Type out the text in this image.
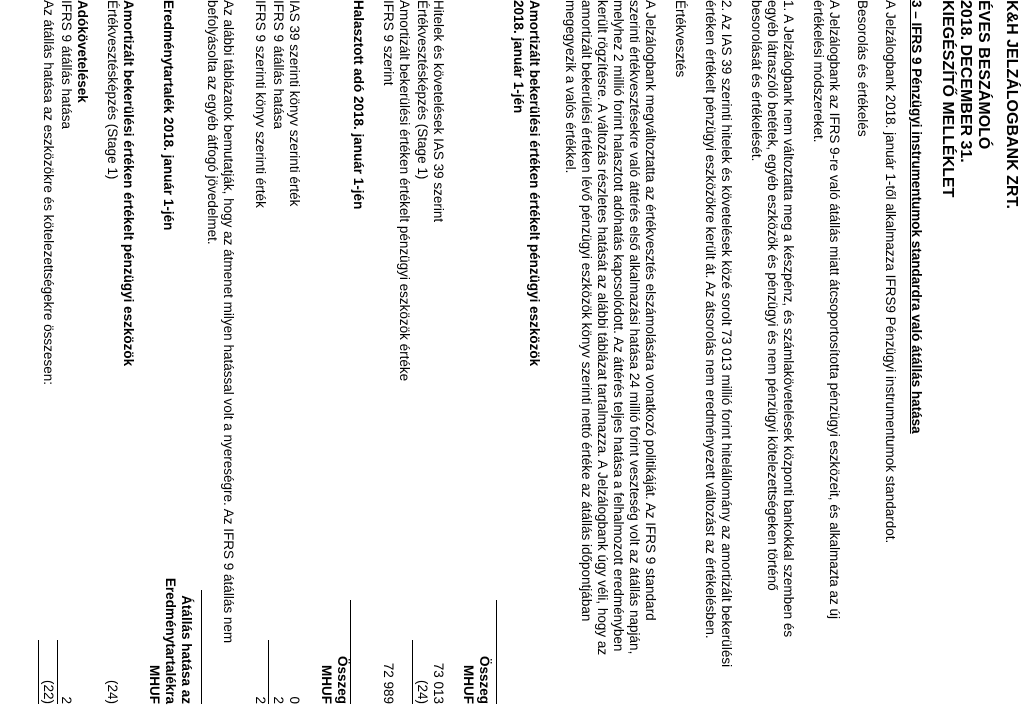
K&H JELZÁLOGBANK ZRT.
ÉVES BESZÁMOLÓ
2018. DECEMBER 31.
KIEGÉSZÍTŐ MELLÉKLET
3 – IFRS 9 Pénzügyi instrumentumok standardra való átállás hatása
A Jelzálogbank 2018. január 1-től alkalmazza IFRS9 Pénzügyi instrumentumok standardot.
Besorolás és értékelés
A Jelzálogbank az IFRS 9-re való átállás miatt átcsoportosította pénzügyi eszközeit, és alkalmazta az új értékelési módszereket.
1. A Jelzálogbank nem változtatta meg a készpénz, és számlakövetelések központi bankokkal szemben és
egyéb látraszóló betétek, egyéb eszközök és pénzügyi és nem pénzügyi kötelezettségeken történő
besorolását és értékelését.
2. Az IAS 39 szerinti hitelek és követelések közé sorolt 73 013 millió forint hitelállomány az amortizált bekerülési
értéken értékelt pénzügyi eszközökre került át. Az átsorolás nem eredményezett változást az értékelésben.
Értékvesztés
A Jelzálogbank megváltoztatta az értékvesztés elszámolására vonatkozó politikáját. Az IFRS 9 standard
szerinti értékvesztésekre való áttérés első alkalmazási hatása 24 millió forint veszteség volt az átállás napján,
melyhez 2 millió forint halasztott adóhatás kapcsolódott. Az áttérés teljes hatása a felhalmozott eredményben
került rögzítésre. A változás részletes hatását az alábbi táblázat tartalmazza. A Jelzálogbank úgy véli, hogy az
amortizált bekerülési értéken lévő pénzügyi eszközök könyv szerinti nettó értéke az átállás időpontjában
megegyezik a valós értékkel.
Amortizált bekerülési értéken értékelt pénzügyi eszközök
2018. január 1-jén
Összeg
MHUF
Hitelek és követelések IAS 39 szerint
73 013
Értékvesztésképzés (Stage 1)
(24)
Amortizált bekerülési értéken értékelt pénzügyi eszközök értéke
IFRS 9 szerint
72 989
Halasztott adó 2018. január 1-jén
Összeg
MHUF
IAS 39 szerinti könyv szerinti érték
0
IFRS 9 átállás hatása
2
IFRS 9 szerinti könyv szerinti érték
2
Az alábbi táblázatok bemutatják, hogy az átmenet milyen hatással volt a nyereségre. Az IFRS 9 átállás nem
befolyásolta az egyéb átfogó jövedelmet.
Átállás hatása az
Eredménytartalék 2018. január 1-jén
Eredménytartalékra
MHUF
Amortizált bekerülési értéken értékelt pénzügyi eszközök
Értékvesztésképzés (Stage 1)
(24)
Adókövetelések
IFRS 9 átállás hatása
2
Az átállás hatása az eszközökre és kötelezettségekre összesen:
(22)
